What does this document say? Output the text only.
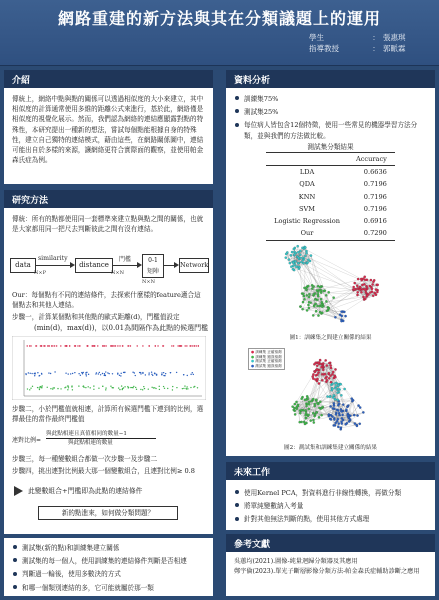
網路重建的新方法與其在分類議題上的運用
學生	： 張惠琪
指導教授	： 郭眽霖
介紹
傳統上，網絡中點與點的關係可以透過相似度的大小來建立，其中相似度的計算通常使用多維的距離公式來進行，基於此，網絡僅是相似度的視覺化展示。然而，我們認為網絡的連結應顯露對點的特殊性，本研究提出一種新的想法，嘗試每個點能根據自身的特殊性，建立自己獨特的連結模式，藉由這些，在網路關係圖中，連結可能出自於多樣的來源，讓網絡更符合實際面的觀察，並使用帕金森氏症為例。
研究方法
傳統：所有的點都使用同一套標準來建立點與點之間的關係，也就是大家都用同一把尺去判斷彼此之間有沒有連結。
data
similarity
N×P
distance
門檻
N×N
0-1
矩陣
N×N
Network
Our：每個點有不同的連結條件，去探索什麼樣的feature適合這個點去和其他人連結。
步驟一，計算某個點和其他點的歐式距離(d)，門檻值設定
(min(d)，max(d))，以0.01為間隔作為此點的候選門檻
步驟二，小於門檻值就相連，計算所有候選門檻下連到的比例，選擇最佳的當作最終門檻值
連對比例=
與此點相連且真值相同的數量−1
與此點相連的數量
步驟三，每一種變數組合都做一次步驟一及步驟二
步驟四，挑出連對比例最大那一個變數組合，且連對比例≥ 0.8
此變數組合+門檻即為此點的連結條件
新的點進來，如何做分類問題？
測試集(新的點)和訓練集建立關係
測試集的每一個人，使用訓練集的連結條件判斷是否相連
判斷過一輪後，使用多數決的方式
和哪一個類別連結的多，它可能就屬於那一類
資料分析
訓練集75%
測試集25%
每位病人皆包含12個特徵，使用一些常見的機器學習方法分類，並與我們的方法做比較。
測試集分類結果
	Accuracy
LDA	0.6636
QDA	0.7196
KNN	0.7196
SVM	0.7196
Logistic Regression	0.6916
Our	0.7290
圖1：訓練集之間建立關係的結果
● 訓練集 正確預測
● 訓練集 錯誤預測
● 測試集 正確預測
● 測試集 錯誤預測
圖2：測試集和訓練集建立關係的結果
未來工作
使用Kernel PCA，對資料進行非線性轉換，再做分類
將單純變數納入考量
針對其他無法判斷的點，使用其他方式處理
參考文獻
吳蕙均(2021).圖像-純量迴歸分類器及其應用
鄭宇倫(2023).單光子斷層影像分類方法-帕金森氏症輔助診斷之應用
